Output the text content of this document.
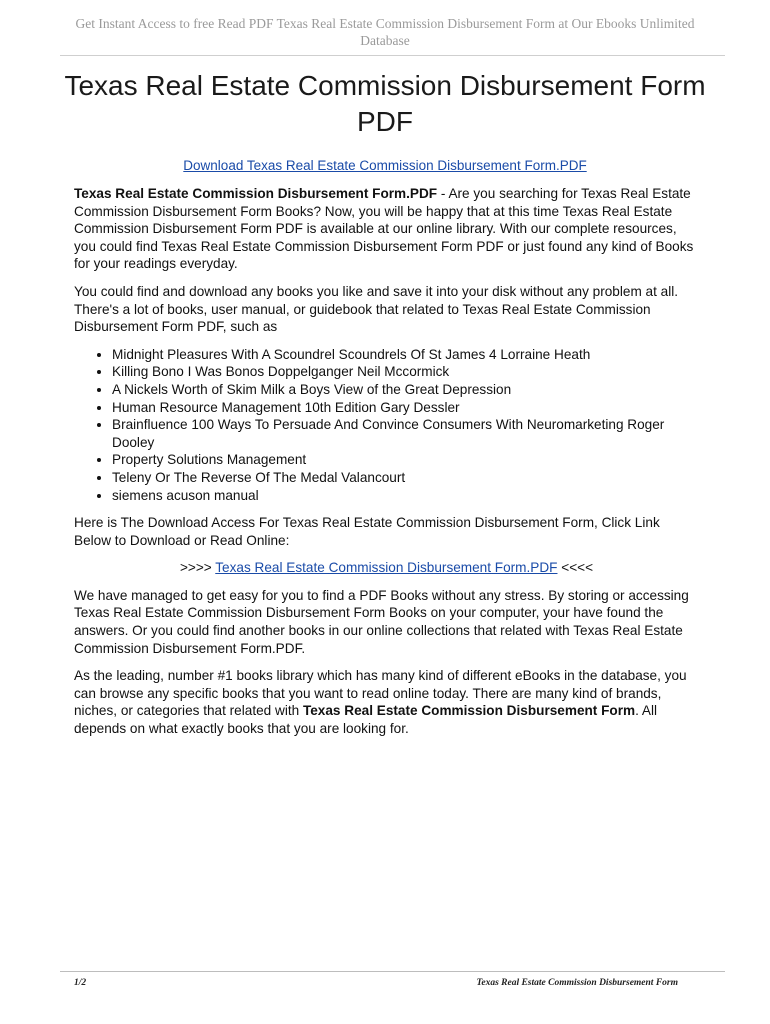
Get Instant Access to free Read PDF Texas Real Estate Commission Disbursement Form at Our Ebooks Unlimited Database
Texas Real Estate Commission Disbursement Form PDF
Download Texas Real Estate Commission Disbursement Form.PDF

Texas Real Estate Commission Disbursement Form.PDF - Are you searching for Texas Real Estate Commission Disbursement Form Books? Now, you will be happy that at this time Texas Real Estate Commission Disbursement Form PDF is available at our online library. With our complete resources, you could find Texas Real Estate Commission Disbursement Form PDF or just found any kind of Books for your readings everyday.

You could find and download any books you like and save it into your disk without any problem at all. There's a lot of books, user manual, or guidebook that related to Texas Real Estate Commission Disbursement Form PDF, such as

• Midnight Pleasures With A Scoundrel Scoundrels Of St James 4 Lorraine Heath
• Killing Bono I Was Bonos Doppelganger Neil Mccormick
• A Nickels Worth of Skim Milk a Boys View of the Great Depression
• Human Resource Management 10th Edition Gary Dessler
• Brainfluence 100 Ways To Persuade And Convince Consumers With Neuromarketing Roger Dooley
• Property Solutions Management
• Teleny Or The Reverse Of The Medal Valancourt
• siemens acuson manual

Here is The Download Access For Texas Real Estate Commission Disbursement Form, Click Link Below to Download or Read Online:

>>>> Texas Real Estate Commission Disbursement Form.PDF <<<<

We have managed to get easy for you to find a PDF Books without any stress. By storing or accessing Texas Real Estate Commission Disbursement Form Books on your computer, your have found the answers. Or you could find another books in our online collections that related with Texas Real Estate Commission Disbursement Form.PDF.

As the leading, number #1 books library which has many kind of different eBooks in the database, you can browse any specific books that you want to read online today. There are many kind of brands, niches, or categories that related with Texas Real Estate Commission Disbursement Form. All depends on what exactly books that you are looking for.

1/2	Texas Real Estate Commission Disbursement Form
